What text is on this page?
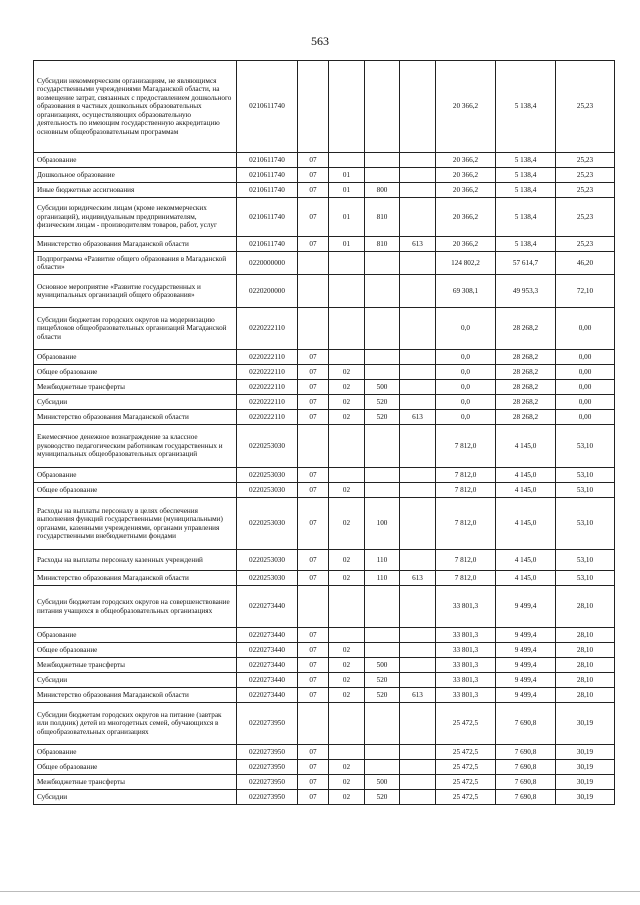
563
Субсидии некоммерческим организациям, не являющимся государственными учреждениями Магаданской области, на возмещение затрат, связанных с предоставлением дошкольного образования в частных дошкольных образовательных организациях, осуществляющих образовательную деятельность по имеющим государственную аккредитацию основным общеобразовательным программам	0210611740					20 366,2	5 138,4	25,23
Образование	0210611740	07				20 366,2	5 138,4	25,23
Дошкольное образование	0210611740	07	01			20 366,2	5 138,4	25,23
Иные бюджетные ассигнования	0210611740	07	01	800		20 366,2	5 138,4	25,23
Субсидии юридическим лицам (кроме некоммерческих организаций), индивидуальным предпринимателям, физическим лицам - производителям товаров, работ, услуг	0210611740	07	01	810		20 366,2	5 138,4	25,23
Министерство образования Магаданской области	0210611740	07	01	810	613	20 366,2	5 138,4	25,23
Подпрограмма «Развитие общего образования в Магаданской области»	0220000000					124 802,2	57 614,7	46,20
Основное мероприятие «Развитие государственных и муниципальных организаций общего образования»	0220200000					69 308,1	49 953,3	72,10
Субсидии бюджетам городских округов на модернизацию пищеблоков общеобразовательных организаций Магаданской области	0220222110					0,0	28 268,2	0,00
Образование	0220222110	07				0,0	28 268,2	0,00
Общее образование	0220222110	07	02			0,0	28 268,2	0,00
Межбюджетные трансферты	0220222110	07	02	500		0,0	28 268,2	0,00
Субсидии	0220222110	07	02	520		0,0	28 268,2	0,00
Министерство образования Магаданской области	0220222110	07	02	520	613	0,0	28 268,2	0,00
Ежемесячное денежное вознаграждение за классное руководство педагогическим работникам государственных и муниципальных общеобразовательных организаций	0220253030					7 812,0	4 145,0	53,10
Образование	0220253030	07				7 812,0	4 145,0	53,10
Общее образование	0220253030	07	02			7 812,0	4 145,0	53,10
Расходы на выплаты персоналу в целях обеспечения выполнения функций государственными (муниципальными) органами, казенными учреждениями, органами управления государственными внебюджетными фондами	0220253030	07	02	100		7 812,0	4 145,0	53,10
Расходы на выплаты персоналу казенных учреждений	0220253030	07	02	110		7 812,0	4 145,0	53,10
Министерство образования Магаданской области	0220253030	07	02	110	613	7 812,0	4 145,0	53,10
Субсидии бюджетам городских округов на совершенствование питания учащихся в общеобразовательных организациях	0220273440					33 801,3	9 499,4	28,10
Образование	0220273440	07				33 801,3	9 499,4	28,10
Общее образование	0220273440	07	02			33 801,3	9 499,4	28,10
Межбюджетные трансферты	0220273440	07	02	500		33 801,3	9 499,4	28,10
Субсидии	0220273440	07	02	520		33 801,3	9 499,4	28,10
Министерство образования Магаданской области	0220273440	07	02	520	613	33 801,3	9 499,4	28,10
Субсидии бюджетам городских округов на питание (завтрак или полдник) детей из многодетных семей, обучающихся в общеобразовательных организациях	0220273950					25 472,5	7 690,8	30,19
Образование	0220273950	07				25 472,5	7 690,8	30,19
Общее образование	0220273950	07	02			25 472,5	7 690,8	30,19
Межбюджетные трансферты	0220273950	07	02	500		25 472,5	7 690,8	30,19
Субсидии	0220273950	07	02	520		25 472,5	7 690,8	30,19
